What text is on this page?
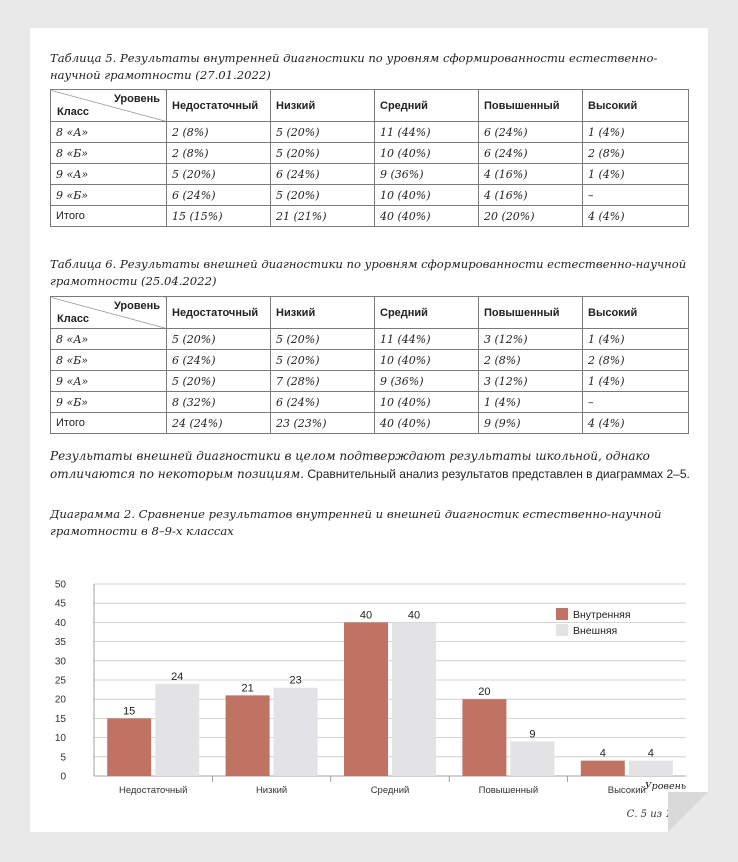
Таблица 5. Результаты внутренней диагностики по уровням сформированности естественно-научной грамотности (27.01.2022)
Уровень
Класс	Недостаточный	Низкий	Средний	Повышенный	Высокий
8 «А»	2 (8%)	5 (20%)	11 (44%)	6 (24%)	1 (4%)
8 «Б»	2 (8%)	5 (20%)	10 (40%)	6 (24%)	2 (8%)
9 «А»	5 (20%)	6 (24%)	9 (36%)	4 (16%)	1 (4%)
9 «Б»	6 (24%)	5 (20%)	10 (40%)	4 (16%)	–
Итого	15 (15%)	21 (21%)	40 (40%)	20 (20%)	4 (4%)
Таблица 6. Результаты внешней диагностики по уровням сформированности естественно-научной грамотности (25.04.2022)
Уровень
Класс	Недостаточный	Низкий	Средний	Повышенный	Высокий
8 «А»	5 (20%)	5 (20%)	11 (44%)	3 (12%)	1 (4%)
8 «Б»	6 (24%)	5 (20%)	10 (40%)	2 (8%)	2 (8%)
9 «А»	5 (20%)	7 (28%)	9 (36%)	3 (12%)	1 (4%)
9 «Б»	8 (32%)	6 (24%)	10 (40%)	1 (4%)	–
Итого	24 (24%)	23 (23%)	40 (40%)	9 (9%)	4 (4%)
Результаты внешней диагностики в целом подтверждают результаты школьной, однако отличаются по некоторым позициям. Сравнительный анализ результатов представлен в диаграммах 2–5.
Диаграмма 2. Сравнение результатов внутренней и внешней диагностик естественно-научной грамотности в 8–9-х классах
0
5
10
15
20
25
30
35
40
45
50
15
24
Недостаточный
21
23
Низкий
40	40
Средний
20
9
Повышенный
4	4
Высокий
Внутренняя
Внешняя
Уровень
С. 5 из 16
